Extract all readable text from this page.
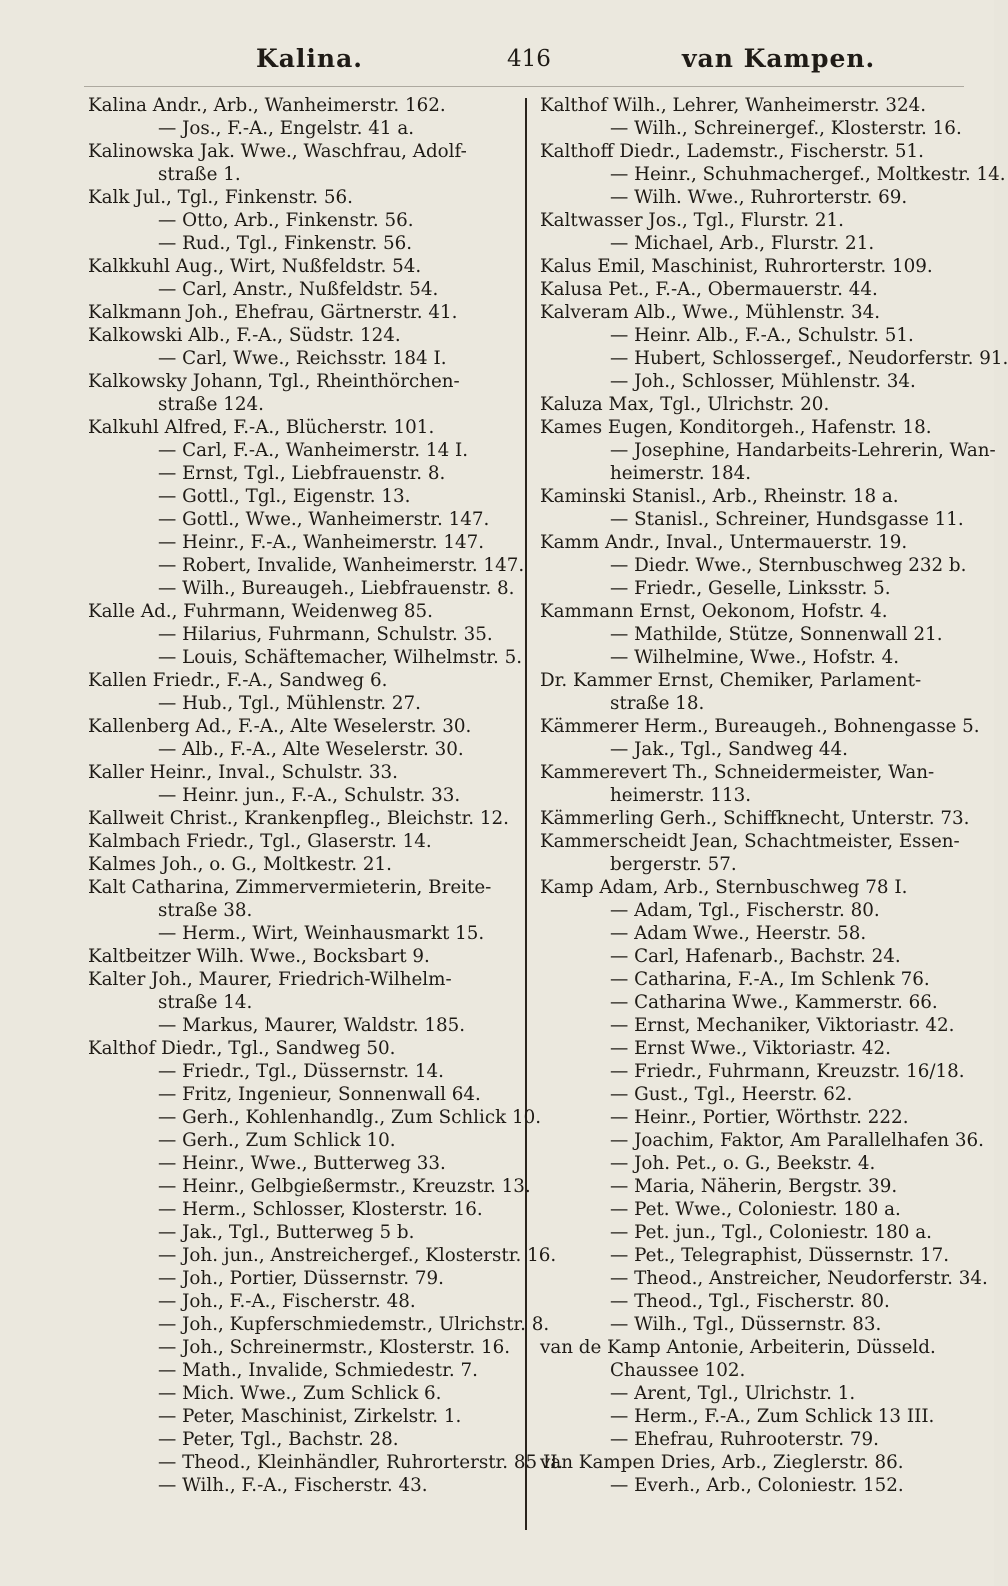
Kalina.	416	van Kampen.
Kalina Andr., Arb., Wanheimerstr. 162.
— Jos., F.-A., Engelstr. 41 a.
Kalinowska Jak. Wwe., Waschfrau, Adolf-
straße 1.
Kalk Jul., Tgl., Finkenstr. 56.
— Otto, Arb., Finkenstr. 56.
— Rud., Tgl., Finkenstr. 56.
Kalkkuhl Aug., Wirt, Nußfeldstr. 54.
— Carl, Anstr., Nußfeldstr. 54.
Kalkmann Joh., Ehefrau, Gärtnerstr. 41.
Kalkowski Alb., F.-A., Südstr. 124.
— Carl, Wwe., Reichsstr. 184 I.
Kalkowsky Johann, Tgl., Rheinthörchen-
straße 124.
Kalkuhl Alfred, F.-A., Blücherstr. 101.
— Carl, F.-A., Wanheimerstr. 14 I.
— Ernst, Tgl., Liebfrauenstr. 8.
— Gottl., Tgl., Eigenstr. 13.
— Gottl., Wwe., Wanheimerstr. 147.
— Heinr., F.-A., Wanheimerstr. 147.
— Robert, Invalide, Wanheimerstr. 147.
— Wilh., Bureaugeh., Liebfrauenstr. 8.
Kalle Ad., Fuhrmann, Weidenweg 85.
— Hilarius, Fuhrmann, Schulstr. 35.
— Louis, Schäftemacher, Wilhelmstr. 5.
Kallen Friedr., F.-A., Sandweg 6.
— Hub., Tgl., Mühlenstr. 27.
Kallenberg Ad., F.-A., Alte Weselerstr. 30.
— Alb., F.-A., Alte Weselerstr. 30.
Kaller Heinr., Inval., Schulstr. 33.
— Heinr. jun., F.-A., Schulstr. 33.
Kallweit Christ., Krankenpfleg., Bleichstr. 12.
Kalmbach Friedr., Tgl., Glaserstr. 14.
Kalmes Joh., o. G., Moltkestr. 21.
Kalt Catharina, Zimmervermieterin, Breite-
straße 38.
— Herm., Wirt, Weinhausmarkt 15.
Kaltbeitzer Wilh. Wwe., Bocksbart 9.
Kalter Joh., Maurer, Friedrich-Wilhelm-
straße 14.
— Markus, Maurer, Waldstr. 185.
Kalthof Diedr., Tgl., Sandweg 50.
— Friedr., Tgl., Düssernstr. 14.
— Fritz, Ingenieur, Sonnenwall 64.
— Gerh., Kohlenhandlg., Zum Schlick 10.
— Gerh., Zum Schlick 10.
— Heinr., Wwe., Butterweg 33.
— Heinr., Gelbgießermstr., Kreuzstr. 13.
— Herm., Schlosser, Klosterstr. 16.
— Jak., Tgl., Butterweg 5 b.
— Joh. jun., Anstreichergef., Klosterstr. 16.
— Joh., Portier, Düssernstr. 79.
— Joh., F.-A., Fischerstr. 48.
— Joh., Kupferschmiedemstr., Ulrichstr. 8.
— Joh., Schreinermstr., Klosterstr. 16.
— Math., Invalide, Schmiedestr. 7.
— Mich. Wwe., Zum Schlick 6.
— Peter, Maschinist, Zirkelstr. 1.
— Peter, Tgl., Bachstr. 28.
— Theod., Kleinhändler, Ruhrorterstr. 85 II.
— Wilh., F.-A., Fischerstr. 43.
Kalthof Wilh., Lehrer, Wanheimerstr. 324.
— Wilh., Schreinergef., Klosterstr. 16.
Kalthoff Diedr., Lademstr., Fischerstr. 51.
— Heinr., Schuhmachergef., Moltkestr. 14.
— Wilh. Wwe., Ruhrorterstr. 69.
Kaltwasser Jos., Tgl., Flurstr. 21.
— Michael, Arb., Flurstr. 21.
Kalus Emil, Maschinist, Ruhrorterstr. 109.
Kalusa Pet., F.-A., Obermauerstr. 44.
Kalveram Alb., Wwe., Mühlenstr. 34.
— Heinr. Alb., F.-A., Schulstr. 51.
— Hubert, Schlossergef., Neudorferstr. 91.
— Joh., Schlosser, Mühlenstr. 34.
Kaluza Max, Tgl., Ulrichstr. 20.
Kames Eugen, Konditorgeh., Hafenstr. 18.
— Josephine, Handarbeits-Lehrerin, Wan-
heimerstr. 184.
Kaminski Stanisl., Arb., Rheinstr. 18 a.
— Stanisl., Schreiner, Hundsgasse 11.
Kamm Andr., Inval., Untermauerstr. 19.
— Diedr. Wwe., Sternbuschweg 232 b.
— Friedr., Geselle, Linksstr. 5.
Kammann Ernst, Oekonom, Hofstr. 4.
— Mathilde, Stütze, Sonnenwall 21.
— Wilhelmine, Wwe., Hofstr. 4.
Dr. Kammer Ernst, Chemiker, Parlament-
straße 18.
Kämmerer Herm., Bureaugeh., Bohnengasse 5.
— Jak., Tgl., Sandweg 44.
Kammerevert Th., Schneidermeister, Wan-
heimerstr. 113.
Kämmerling Gerh., Schiffknecht, Unterstr. 73.
Kammerscheidt Jean, Schachtmeister, Essen-
bergerstr. 57.
Kamp Adam, Arb., Sternbuschweg 78 I.
— Adam, Tgl., Fischerstr. 80.
— Adam Wwe., Heerstr. 58.
— Carl, Hafenarb., Bachstr. 24.
— Catharina, F.-A., Im Schlenk 76.
— Catharina Wwe., Kammerstr. 66.
— Ernst, Mechaniker, Viktoriastr. 42.
— Ernst Wwe., Viktoriastr. 42.
— Friedr., Fuhrmann, Kreuzstr. 16/18.
— Gust., Tgl., Heerstr. 62.
— Heinr., Portier, Wörthstr. 222.
— Joachim, Faktor, Am Parallelhafen 36.
— Joh. Pet., o. G., Beekstr. 4.
— Maria, Näherin, Bergstr. 39.
— Pet. Wwe., Coloniestr. 180 a.
— Pet. jun., Tgl., Coloniestr. 180 a.
— Pet., Telegraphist, Düssernstr. 17.
— Theod., Anstreicher, Neudorferstr. 34.
— Theod., Tgl., Fischerstr. 80.
— Wilh., Tgl., Düssernstr. 83.
van de Kamp Antonie, Arbeiterin, Düsseld.
Chaussee 102.
— Arent, Tgl., Ulrichstr. 1.
— Herm., F.-A., Zum Schlick 13 III.
— Ehefrau, Ruhrooterstr. 79.
van Kampen Dries, Arb., Zieglerstr. 86.
— Everh., Arb., Coloniestr. 152.
